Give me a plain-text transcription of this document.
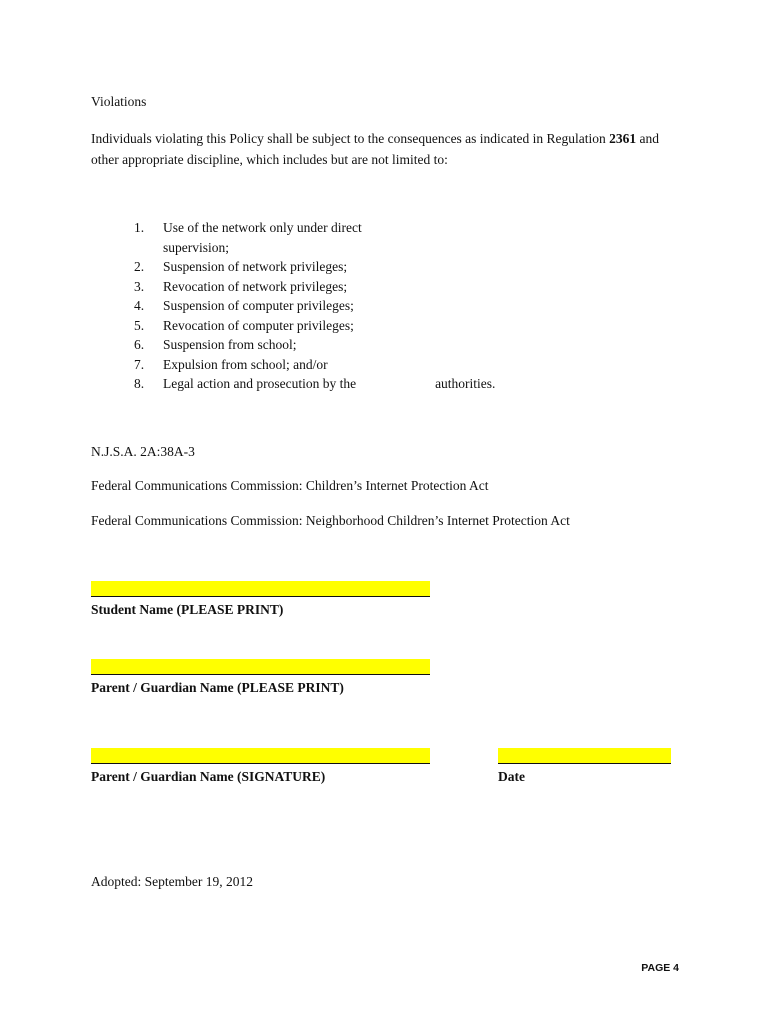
Violations
Individuals violating this Policy shall be subject to the consequences as indicated in Regulation 2361 and
other appropriate discipline, which includes but are not limited to:
1.	Use of the network only under direct
supervision;
2.	Suspension of network privileges;
3.	Revocation of network privileges;
4.	Suspension of computer privileges;
5.	Revocation of computer privileges;
6.	Suspension from school;
7.	Expulsion from school; and/or
8.	Legal action and prosecution by the	authorities.
N.J.S.A. 2A:38A-3
Federal Communications Commission: Children’s Internet Protection Act
Federal Communications Commission: Neighborhood Children’s Internet Protection Act
Student Name (PLEASE PRINT)
Parent / Guardian Name (PLEASE PRINT)
Parent / Guardian Name (SIGNATURE)	Date
Adopted: September 19, 2012
PAGE 4
